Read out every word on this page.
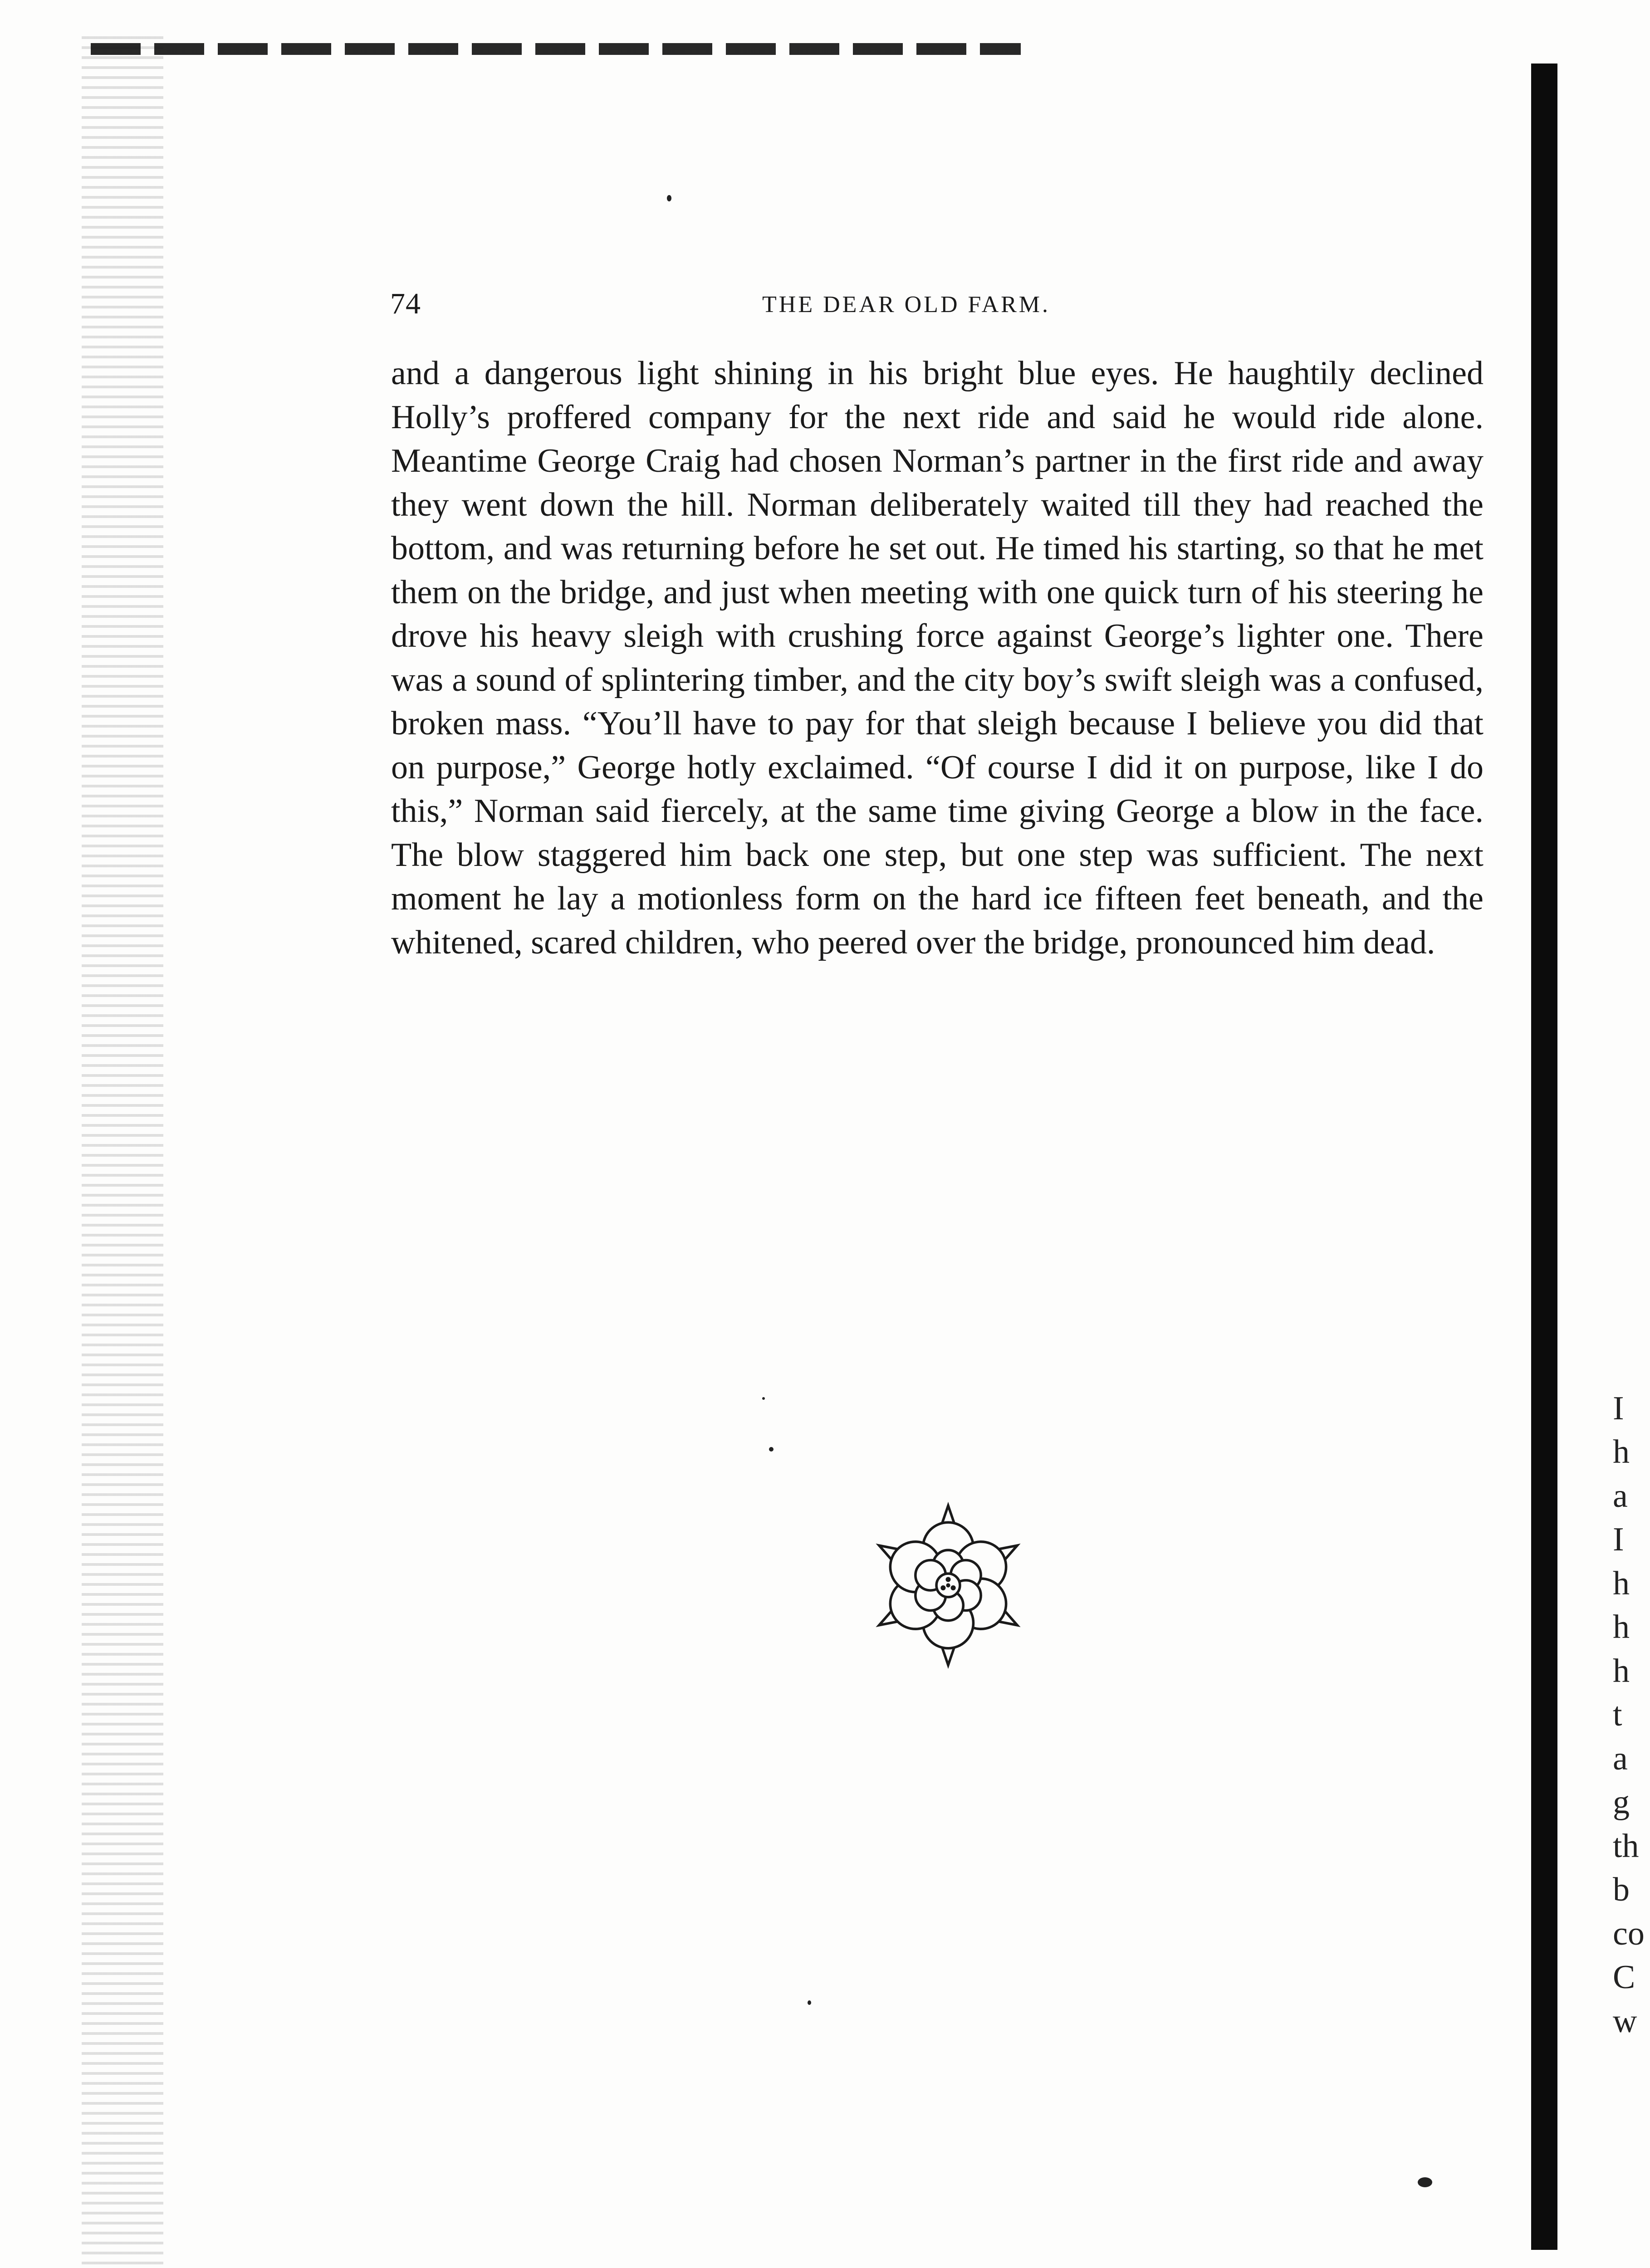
74	THE DEAR OLD FARM.
and a dangerous light shining in his bright blue eyes. He haughtily declined Holly’s proffered company for the next ride and said he would ride alone. Meantime George Craig had chosen Norman’s partner in the first ride and away they went down the hill. Norman deliberately waited till they had reached the bottom, and was returning before he set out. He timed his starting, so that he met them on the bridge, and just when meeting with one quick turn of his steering he drove his heavy sleigh with crushing force against George’s lighter one. There was a sound of splintering timber, and the city boy’s swift sleigh was a confused, broken mass. “You’ll have to pay for that sleigh because I believe you did that on purpose,” George hotly exclaimed. “Of course I did it on purpose, like I do this,” Norman said fiercely, at the same time giving George a blow in the face. The blow staggered him back one step, but one step was sufficient. The next moment he lay a motionless form on the hard ice fifteen feet beneath, and the whitened, scared children, who peered over the bridge, pronounced him dead.

I
h
a
I
h
h
h
t
a
g
th
b
co
C
w
